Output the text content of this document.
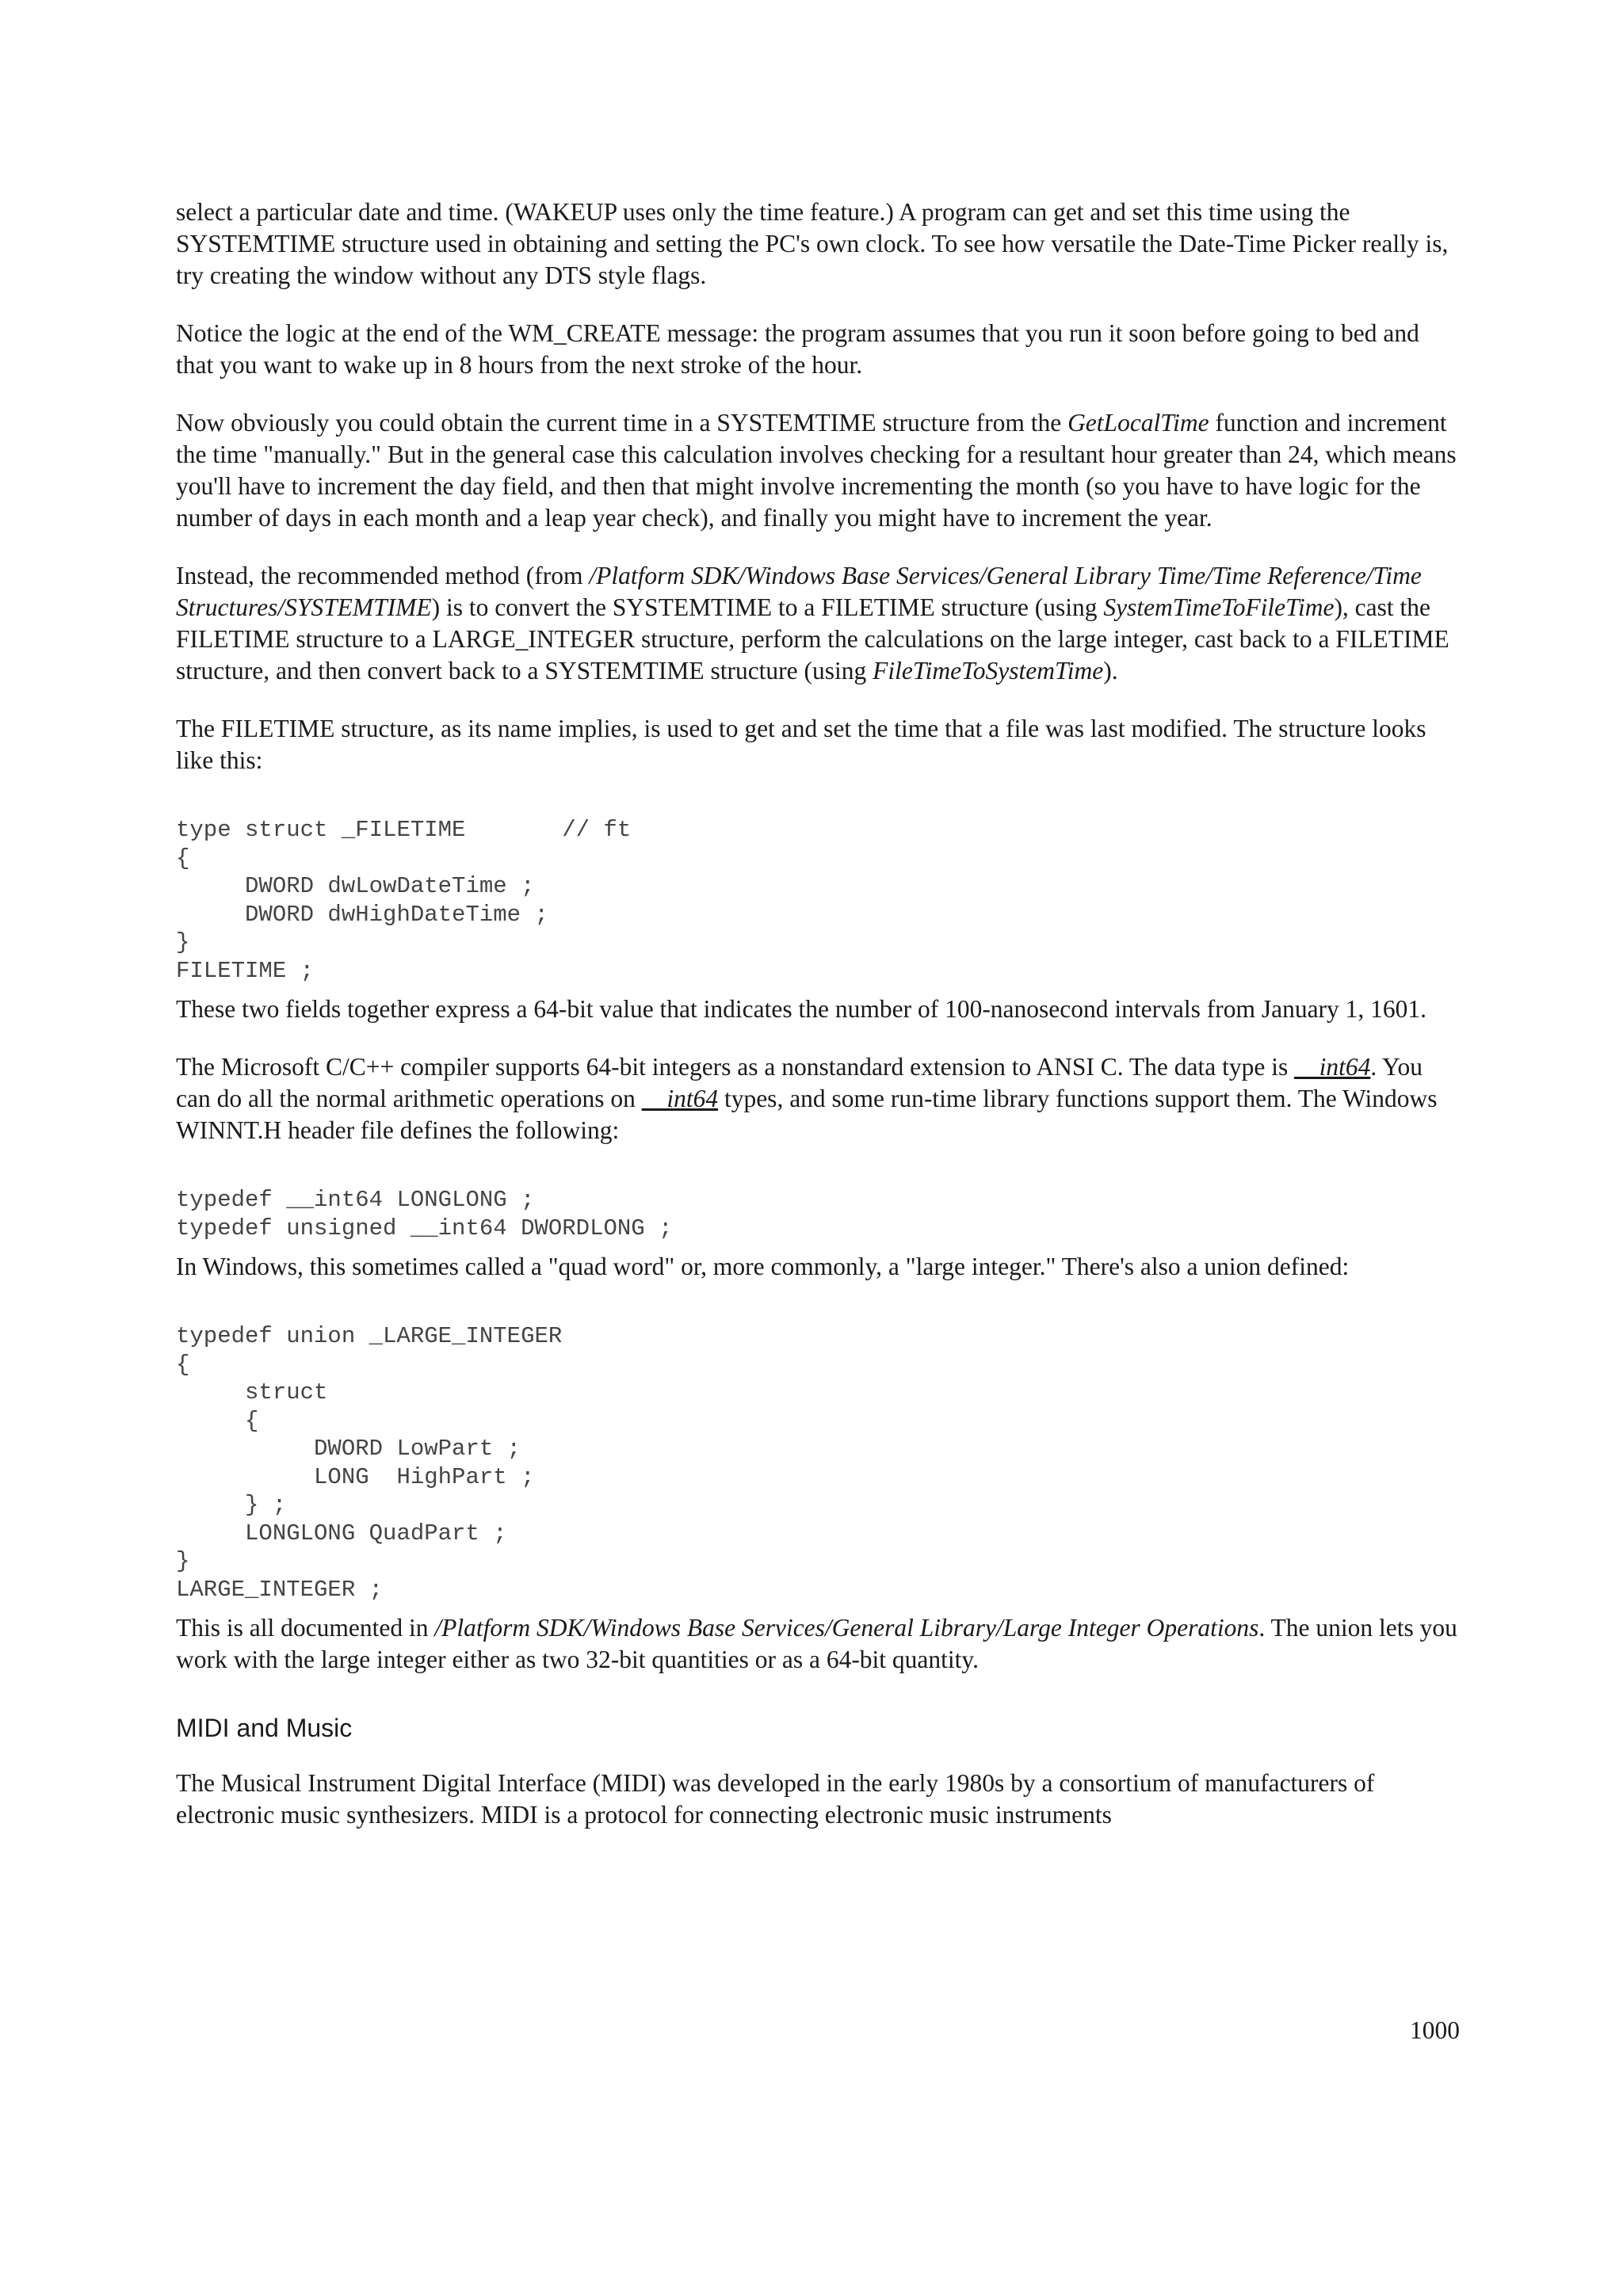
select a particular date and time. (WAKEUP uses only the time feature.) A program can get and set this time using the SYSTEMTIME structure used in obtaining and setting the PC's own clock. To see how versatile the Date-Time Picker really is, try creating the window without any DTS style flags.

Notice the logic at the end of the WM_CREATE message: the program assumes that you run it soon before going to bed and that you want to wake up in 8 hours from the next stroke of the hour.

Now obviously you could obtain the current time in a SYSTEMTIME structure from the GetLocalTime function and increment the time "manually." But in the general case this calculation involves checking for a resultant hour greater than 24, which means you'll have to increment the day field, and then that might involve incrementing the month (so you have to have logic for the number of days in each month and a leap year check), and finally you might have to increment the year.

Instead, the recommended method (from /Platform SDK/Windows Base Services/General Library Time/Time Reference/Time Structures/SYSTEMTIME) is to convert the SYSTEMTIME to a FILETIME structure (using SystemTimeToFileTime), cast the FILETIME structure to a LARGE_INTEGER structure, perform the calculations on the large integer, cast back to a FILETIME structure, and then convert back to a SYSTEMTIME structure (using FileTimeToSystemTime).

The FILETIME structure, as its name implies, is used to get and set the time that a file was last modified. The structure looks like this:

type struct _FILETIME       // ft
{
DWORD dwLowDateTime ;
DWORD dwHighDateTime ;
}
FILETIME ;

These two fields together express a 64-bit value that indicates the number of 100-nanosecond intervals from January 1, 1601.

The Microsoft C/C++ compiler supports 64-bit integers as a nonstandard extension to ANSI C. The data type is __int64. You can do all the normal arithmetic operations on __int64 types, and some run-time library functions support them. The Windows WINNT.H header file defines the following:

typedef __int64 LONGLONG ;
typedef unsigned __int64 DWORDLONG ;

In Windows, this sometimes called a "quad word" or, more commonly, a "large integer." There's also a union defined:

typedef union _LARGE_INTEGER
{
struct
{
DWORD LowPart ;
LONG  HighPart ;
} ;
LONGLONG QuadPart ;
}
LARGE_INTEGER ;

This is all documented in /Platform SDK/Windows Base Services/General Library/Large Integer Operations. The union lets you work with the large integer either as two 32-bit quantities or as a 64-bit quantity.

MIDI and Music

The Musical Instrument Digital Interface (MIDI) was developed in the early 1980s by a consortium of manufacturers of electronic music synthesizers. MIDI is a protocol for connecting electronic music instruments

1000
